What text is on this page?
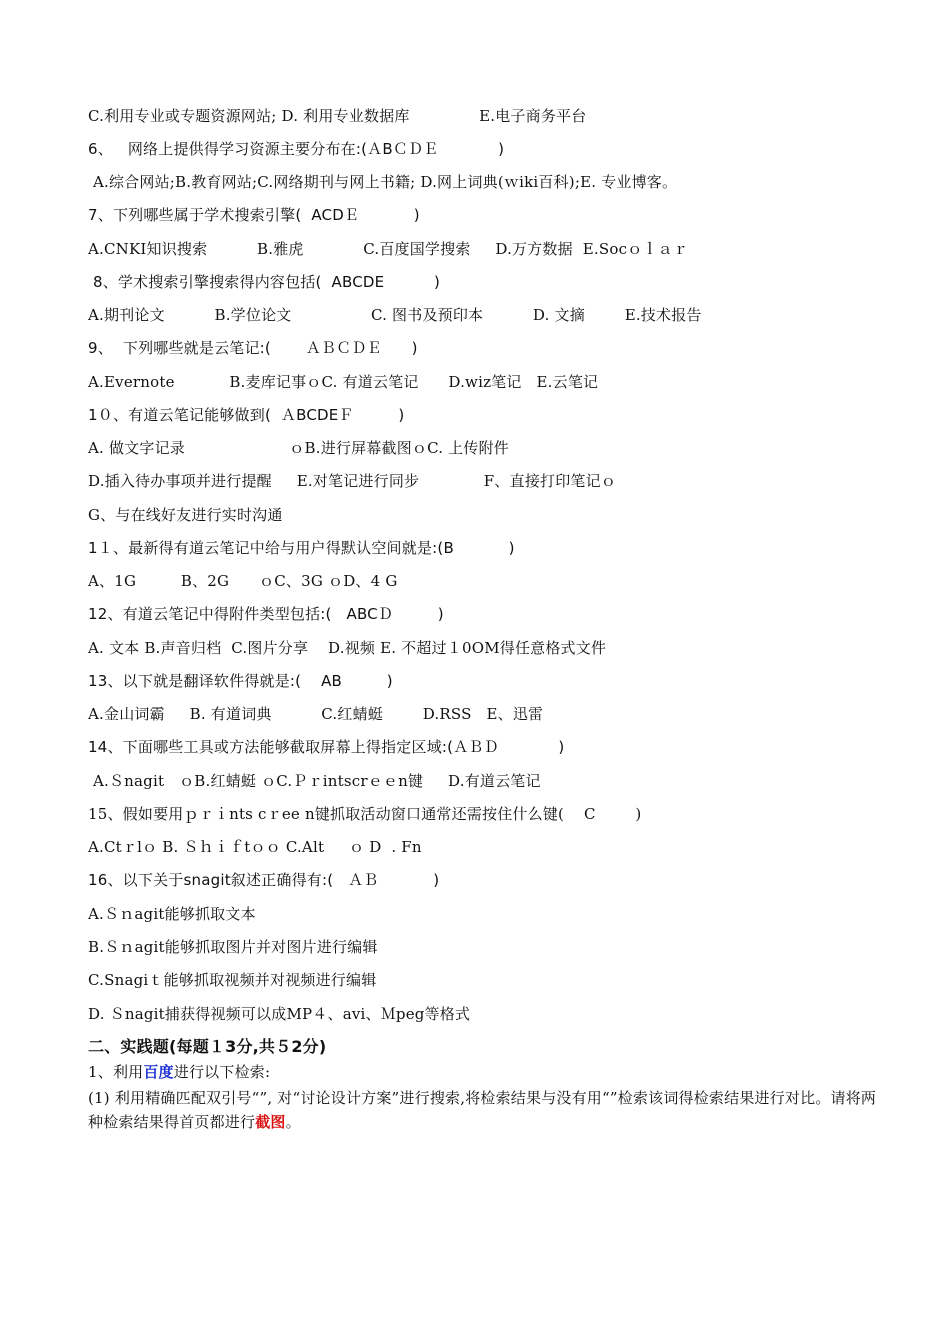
C.利用专业或专题资源网站; D. 利用专业数据库              E.电子商务平台
6、   网络上提供得学习资源主要分布在:(ＡBＣＤＥ            )
A.综合网站;B.教育网站;C.网络期刊与网上书籍; D.网上词典(ｗiki百科);E. 专业博客。
7、下列哪些属于学术搜索引擎(  ACDＥ           )
A.CNKI知识搜索          B.雅虎            C.百度国学搜索     D.万方数据  E.Socｏｌａｒ
8、学术搜索引擎搜索得内容包括(  ABCDE          )
A.期刊论文          B.学位论文                C. 图书及预印本          D. 文摘        E.技术报告
9、  下列哪些就是云笔记:(       ＡＢＣＤＥ      )
A.Evernote           B.麦库记事ｏC. 有道云笔记      D.wiz笔记   E.云笔记
1０、有道云笔记能够做到(  ＡBCDEＦ         )
A. 做文字记录                     ｏB.进行屏幕截图ｏC. 上传附件
D.插入待办事项并进行提醒     E.对笔记进行同步             F、直接打印笔记ｏ
G、与在线好友进行实时沟通
1１、最新得有道云笔记中给与用户得默认空间就是:(B           )
A、1G         B、2G      ｏC、3G ｏD、4 G
12、有道云笔记中得附件类型包括:(   ABCＤ         )
A. 文本 B.声音归档  C.图片分享    D.视频 E. 不超过１0OM得任意格式文件
13、以下就是翻译软件得就是:(    AB         )
A.金山词霸     B. 有道词典          C.红蜻蜓        D.RSS   E、迅雷
14、下面哪些工具或方法能够截取屏幕上得指定区域:(ＡＢＤ            )
A.Ｓnagit   ｏB.红蜻蜓 ｏC.Ｐｒintscrｅｅn键     D.有道云笔记
15、假如要用ｐｒｉnts cｒee n键抓取活动窗口通常还需按住什么键(    C        )
A.Ctｒlｏ B. Ｓｈｉｆtｏｏ C.Alt     ｏ D  . Fn
16、以下关于snagit叙述正确得有:(   ＡＢ           )
A.Ｓｎagit能够抓取文本
B.Ｓｎagit能够抓取图片并对图片进行编辑
C.Snagiｔ能够抓取视频并对视频进行编辑
D. Ｓnagit捕获得视频可以成MP４、avi、Ｍpeg等格式
二、实践题(每题１3分,共５2分)
1、利用百度进行以下检索:
(1) 利用精确匹配双引号“”, 对“讨论设计方案”进行搜索,将检索结果与没有用“”检索该词得检索结果进行对比。请将两种检索结果得首页都进行截图。
